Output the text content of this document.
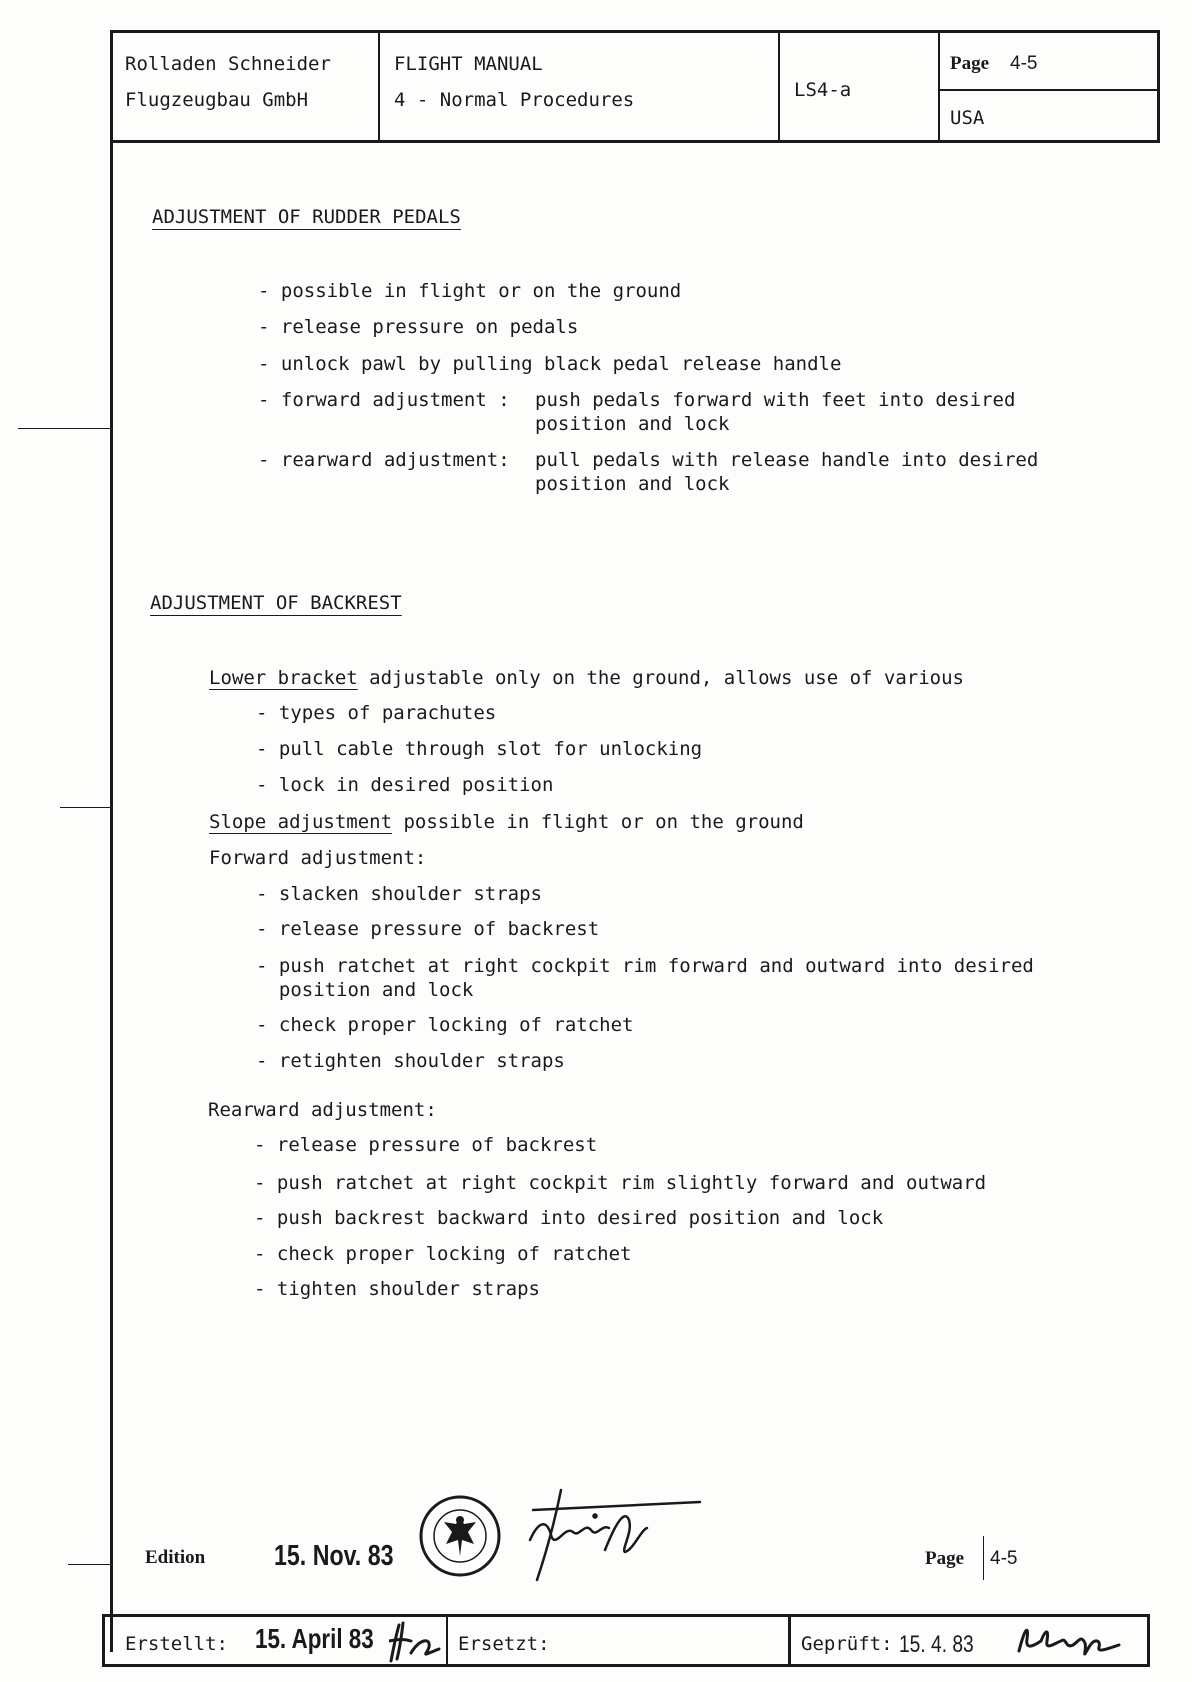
Rolladen Schneider
Flugzeugbau GmbH
FLIGHT MANUAL
4 - Normal Procedures	LS4-a
Page 4-5
USA
ADJUSTMENT OF RUDDER PEDALS
- possible in flight or on the ground
- release pressure on pedals
- unlock pawl by pulling black pedal release handle
- forward adjustment : push pedals forward with feet into desired
position and lock
- rearward adjustment: pull pedals with release handle into desired
position and lock
ADJUSTMENT OF BACKREST
Lower bracket adjustable only on the ground, allows use of various
- types of parachutes
- pull cable through slot for unlocking
- lock in desired position
Slope adjustment possible in flight or on the ground
Forward adjustment:
- slacken shoulder straps
- release pressure of backrest
- push ratchet at right cockpit rim forward and outward into desired
position and lock
- check proper locking of ratchet
- retighten shoulder straps
Rearward adjustment:
- release pressure of backrest
- push ratchet at right cockpit rim slightly forward and outward
- push backrest backward into desired position and lock
- check proper locking of ratchet
- tighten shoulder straps
Edition 15. Nov. 83	Page 4-5
Erstellt: 15. April 83	Ersetzt:	Geprüft: 15. 4. 83
